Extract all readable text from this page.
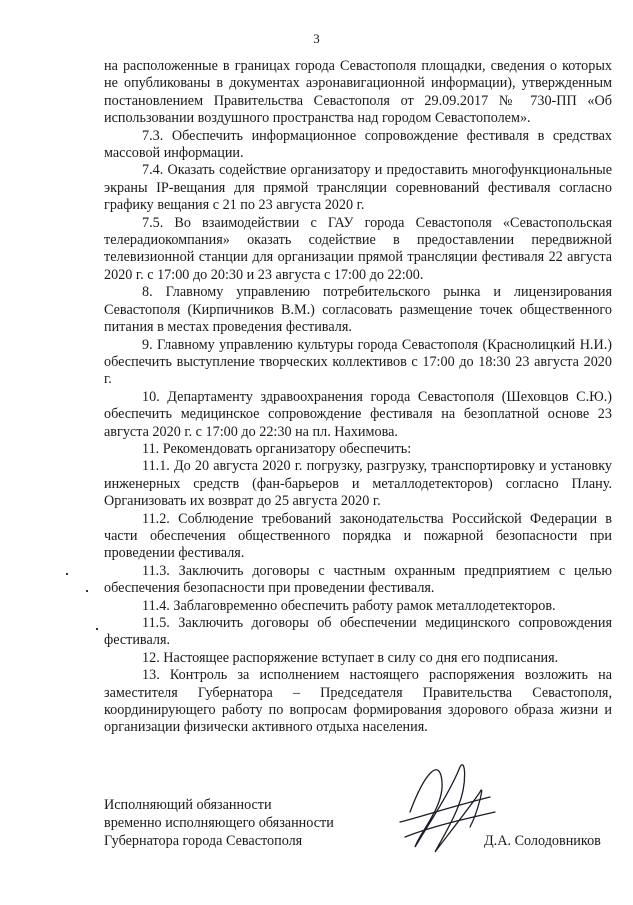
3

на расположенные в границах города Севастополя площадки, сведения о которых не опубликованы в документах аэронавигационной информации), утвержденным постановлением Правительства Севастополя от 29.09.2017 № 730-ПП «Об использовании воздушного пространства над городом Севастополем».

7.3. Обеспечить информационное сопровождение фестиваля в средствах массовой информации.

7.4. Оказать содействие организатору и предоставить многофункциональные экраны IP-вещания для прямой трансляции соревнований фестиваля согласно графику вещания с 21 по 23 августа 2020 г.

7.5. Во взаимодействии с ГАУ города Севастополя «Севастопольская телерадиокомпания» оказать содействие в предоставлении передвижной телевизионной станции для организации прямой трансляции фестиваля 22 августа 2020 г. с 17:00 до 20:30 и 23 августа с 17:00 до 22:00.

8. Главному управлению потребительского рынка и лицензирования Севастополя (Кирпичников В.М.) согласовать размещение точек общественного питания в местах проведения фестиваля.

9. Главному управлению культуры города Севастополя (Краснолицкий Н.И.) обеспечить выступление творческих коллективов с 17:00 до 18:30 23 августа 2020 г.

10. Департаменту здравоохранения города Севастополя (Шеховцов С.Ю.) обеспечить медицинское сопровождение фестиваля на безоплатной основе 23 августа 2020 г. с 17:00 до 22:30 на пл. Нахимова.

11. Рекомендовать организатору обеспечить:

11.1. До 20 августа 2020 г. погрузку, разгрузку, транспортировку и установку инженерных средств (фан-барьеров и металлодетекторов) согласно Плану. Организовать их возврат до 25 августа 2020 г.

11.2. Соблюдение требований законодательства Российской Федерации в части обеспечения общественного порядка и пожарной безопасности при проведении фестиваля.

11.3. Заключить договоры с частным охранным предприятием с целью обеспечения безопасности при проведении фестиваля.

11.4. Заблаговременно обеспечить работу рамок металлодетекторов.

11.5. Заключить договоры об обеспечении медицинского сопровождения фестиваля.

12. Настоящее распоряжение вступает в силу со дня его подписания.

13. Контроль за исполнением настоящего распоряжения возложить на заместителя Губернатора – Председателя Правительства Севастополя, координирующего работу по вопросам формирования здорового образа жизни и организации физически активного отдыха населения.

Исполняющий обязанности
временно исполняющего обязанности
Губернатора города Севастополя	Д.А. Солодовников
